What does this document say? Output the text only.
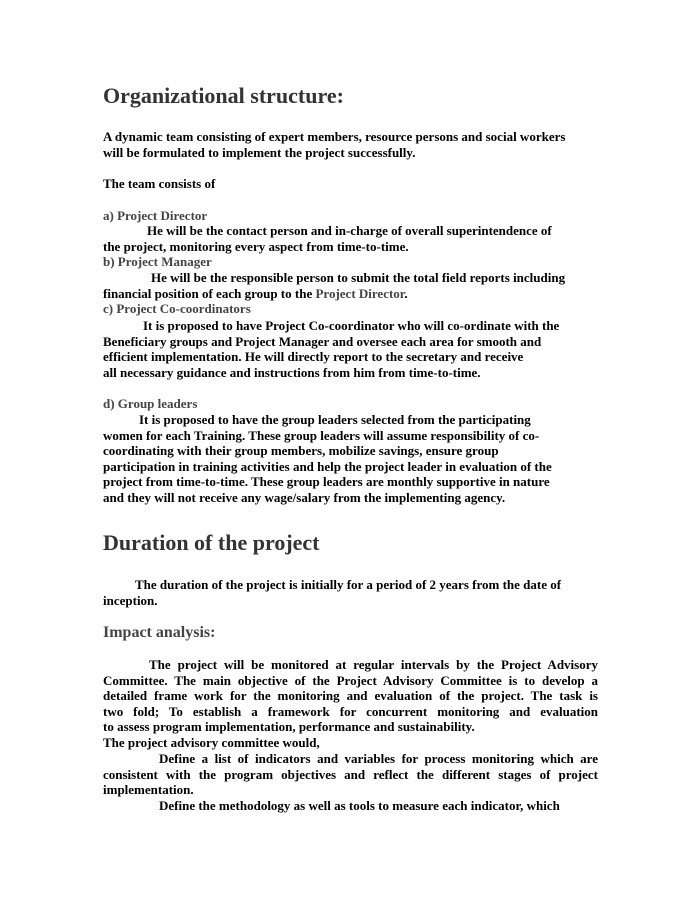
Organizational structure:
A dynamic team consisting of expert members, resource persons and social workers
will be formulated to implement the project successfully.
The team consists of
a) Project Director
He will be the contact person and in-charge of overall superintendence of
the project, monitoring every aspect from time-to-time.
b) Project Manager
He will be the responsible person to submit the total field reports including
financial position of each group to the Project Director.
c) Project Co-coordinators
It is proposed to have Project Co-coordinator who will co-ordinate with the
Beneficiary groups and Project Manager and oversee each area for smooth and
efficient implementation. He will directly report to the secretary and receive
all necessary guidance and instructions from him from time-to-time.
d) Group leaders
It is proposed to have the group leaders selected from the participating
women for each Training. These group leaders will assume responsibility of co-
coordinating with their group members, mobilize savings, ensure group
participation in training activities and help the project leader in evaluation of the
project from time-to-time. These group leaders are monthly supportive in nature
and they will not receive any wage/salary from the implementing agency.
Duration of the project
The duration of the project is initially for a period of 2 years from the date of
inception.
Impact analysis:
The project will be monitored at regular intervals by the Project Advisory
Committee. The main objective of the Project Advisory Committee is to develop a
detailed frame work for the monitoring and evaluation of the project. The task is
two fold; To establish a framework for concurrent monitoring and evaluation
to assess program implementation, performance and sustainability.
The project advisory committee would,
Define a list of indicators and variables for process monitoring which are
consistent with the program objectives and reflect the different stages of project
implementation.
Define the methodology as well as tools to measure each indicator, which
